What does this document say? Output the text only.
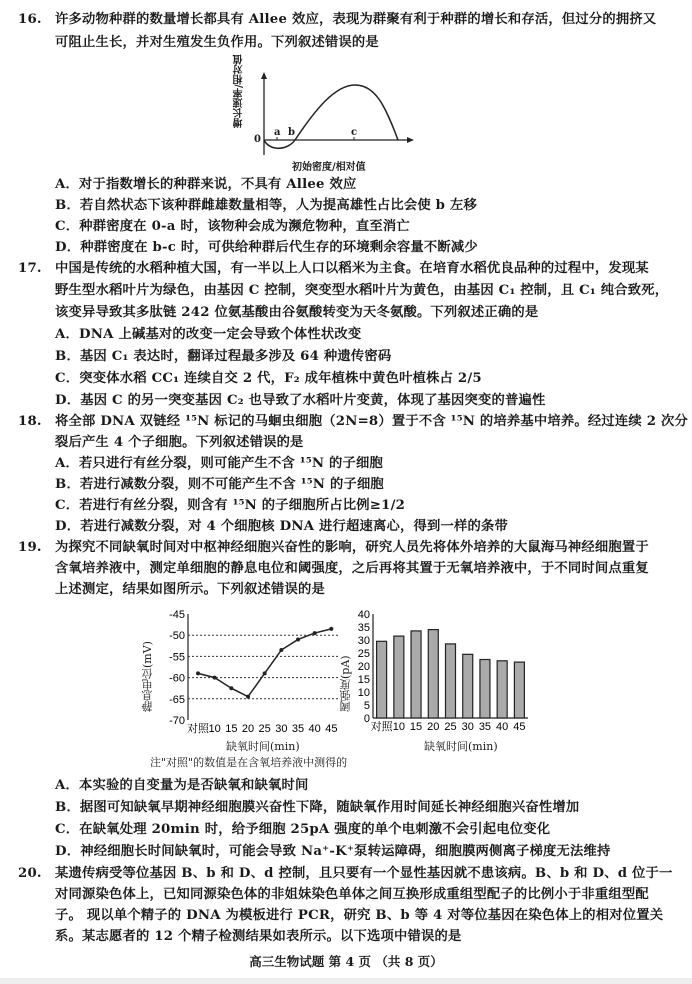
16. 许多动物种群的数量增长都具有 Allee 效应，表现为群聚有利于种群的增长和存活，但过分的拥挤又
可阻止生长，并对生殖发生负作用。下列叙述错误的是
增长速率/相对值
0
a b	c
初始密度/相对值
A．对于指数增长的种群来说，不具有 Allee 效应
B．若自然状态下该种群雌雄数量相等，人为提高雄性占比会使 b 左移
C．种群密度在 0-a 时，该物种会成为濒危物种，直至消亡
D．种群密度在 b-c 时，可供给种群后代生存的环境剩余容量不断减少
17. 中国是传统的水稻种植大国，有一半以上人口以稻米为主食。在培育水稻优良品种的过程中，发现某
野生型水稻叶片为绿色，由基因 C 控制，突变型水稻叶片为黄色，由基因 C₁ 控制，且 C₁ 纯合致死，
该变异导致其多肽链 242 位氨基酸由谷氨酸转变为天冬氨酸。下列叙述正确的是
A．DNA 上碱基对的改变一定会导致个体性状改变
B．基因 C₁ 表达时，翻译过程最多涉及 64 种遗传密码
C．突变体水稻 CC₁ 连续自交 2 代，F₂ 成年植株中黄色叶植株占 2/5
D．基因 C 的另一突变基因 C₂ 也导致了水稻叶片变黄，体现了基因突变的普遍性
18. 将全部 DNA 双链经 ¹⁵N 标记的马蛔虫细胞（2N=8）置于不含 ¹⁵N 的培养基中培养。经过连续 2 次分
裂后产生 4 个子细胞。下列叙述错误的是
A．若只进行有丝分裂，则可能产生不含 ¹⁵N 的子细胞
B．若进行减数分裂，则不可能产生不含 ¹⁵N 的子细胞
C．若进行有丝分裂，则含有 ¹⁵N 的子细胞所占比例≥1/2
D．若进行减数分裂，对 4 个细胞核 DNA 进行超速离心，得到一样的条带
19. 为探究不同缺氧时间对中枢神经细胞兴奋性的影响，研究人员先将体外培养的大鼠海马神经细胞置于
含氧培养液中，测定单细胞的静息电位和阈强度，之后再将其置于无氧培养液中，于不同时间点重复
上述测定，结果如图所示。下列叙述错误的是
-45
-50
-55
-60
-65
-70
对照 10 15 20 25 30 35 40 45
0
5
10
15
20
25
30
35
40
对照 10 15 20 25 30 35 40 45
静息电位(mV)
缺氧时间(min)
阈强度(pA)
缺氧时间(min)
注"对照"的数值是在含氧培养液中测得的
A．本实验的自变量为是否缺氧和缺氧时间
B．据图可知缺氧早期神经细胞膜兴奋性下降，随缺氧作用时间延长神经细胞兴奋性增加
C．在缺氧处理 20min 时，给予细胞 25pA 强度的单个电刺激不会引起电位变化
D．神经细胞长时间缺氧时，可能会导致 Na⁺-K⁺泵转运障碍，细胞膜两侧离子梯度无法维持
20. 某遗传病受等位基因 B、b 和 D、d 控制，且只要有一个显性基因就不患该病。B、b 和 D、d 位于一
对同源染色体上，已知同源染色体的非姐妹染色单体之间互换形成重组型配子的比例小于非重组型配
子。 现以单个精子的 DNA 为模板进行 PCR，研究 B、b 等 4 对等位基因在染色体上的相对位置关
系。某志愿者的 12 个精子检测结果如表所示。以下选项中错误的是
高三生物试题 第 4 页 （共 8 页）
